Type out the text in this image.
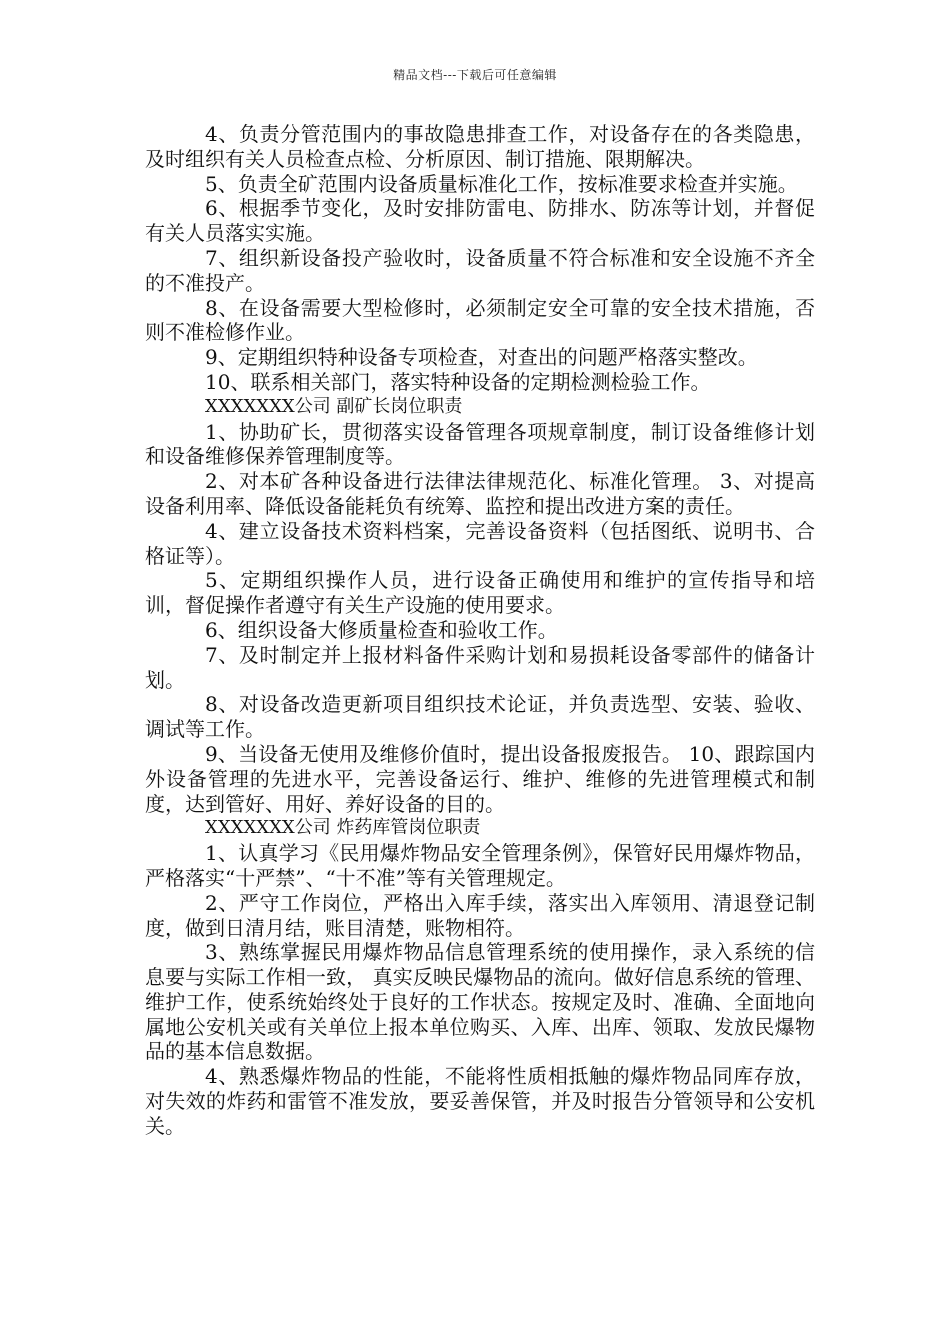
精品文档---下载后可任意编辑

4、负责分管范围内的事故隐患排查工作，对设备存在的各类隐患，及时组织有关人员检查点检、分析原因、制订措施、限期解决。

5、负责全矿范围内设备质量标准化工作，按标准要求检查并实施。

6、根据季节变化，及时安排防雷电、防排水、防冻等计划，并督促有关人员落实实施。

7、组织新设备投产验收时，设备质量不符合标准和安全设施不齐全的不准投产。

8、在设备需要大型检修时，必须制定安全可靠的安全技术措施，否则不准检修作业。

9、定期组织特种设备专项检查，对查出的问题严格落实整改。

10、联系相关部门，落实特种设备的定期检测检验工作。

XXXXXXX公司 副矿长岗位职责

1、协助矿长，贯彻落实设备管理各项规章制度，制订设备维修计划和设备维修保养管理制度等。

2、对本矿各种设备进行法律法律规范化、标准化管理。 3、对提高设备利用率、降低设备能耗负有统筹、监控和提出改进方案的责任。

4、建立设备技术资料档案，完善设备资料（包括图纸、说明书、合格证等）。

5、定期组织操作人员，进行设备正确使用和维护的宣传指导和培训，督促操作者遵守有关生产设施的使用要求。

6、组织设备大修质量检查和验收工作。

7、及时制定并上报材料备件采购计划和易损耗设备零部件的储备计划。

8、对设备改造更新项目组织技术论证，并负责选型、安装、验收、调试等工作。

9、当设备无使用及维修价值时，提出设备报废报告。 10、跟踪国内外设备管理的先进水平，完善设备运行、维护、维修的先进管理模式和制度，达到管好、用好、养好设备的目的。

XXXXXXX公司 炸药库管岗位职责

1、认真学习《民用爆炸物品安全管理条例》，保管好民用爆炸物品，严格落实“十严禁”、“十不准”等有关管理规定。

2、严守工作岗位，严格出入库手续，落实出入库领用、清退登记制度，做到日清月结，账目清楚，账物相符。

3、熟练掌握民用爆炸物品信息管理系统的使用操作，录入系统的信息要与实际工作相一致， 真实反映民爆物品的流向。做好信息系统的管理、维护工作，使系统始终处于良好的工作状态。按规定及时、准确、全面地向属地公安机关或有关单位上报本单位购买、入库、出库、领取、发放民爆物品的基本信息数据。

4、熟悉爆炸物品的性能，不能将性质相抵触的爆炸物品同库存放，对失效的炸药和雷管不准发放，要妥善保管，并及时报告分管领导和公安机关。
